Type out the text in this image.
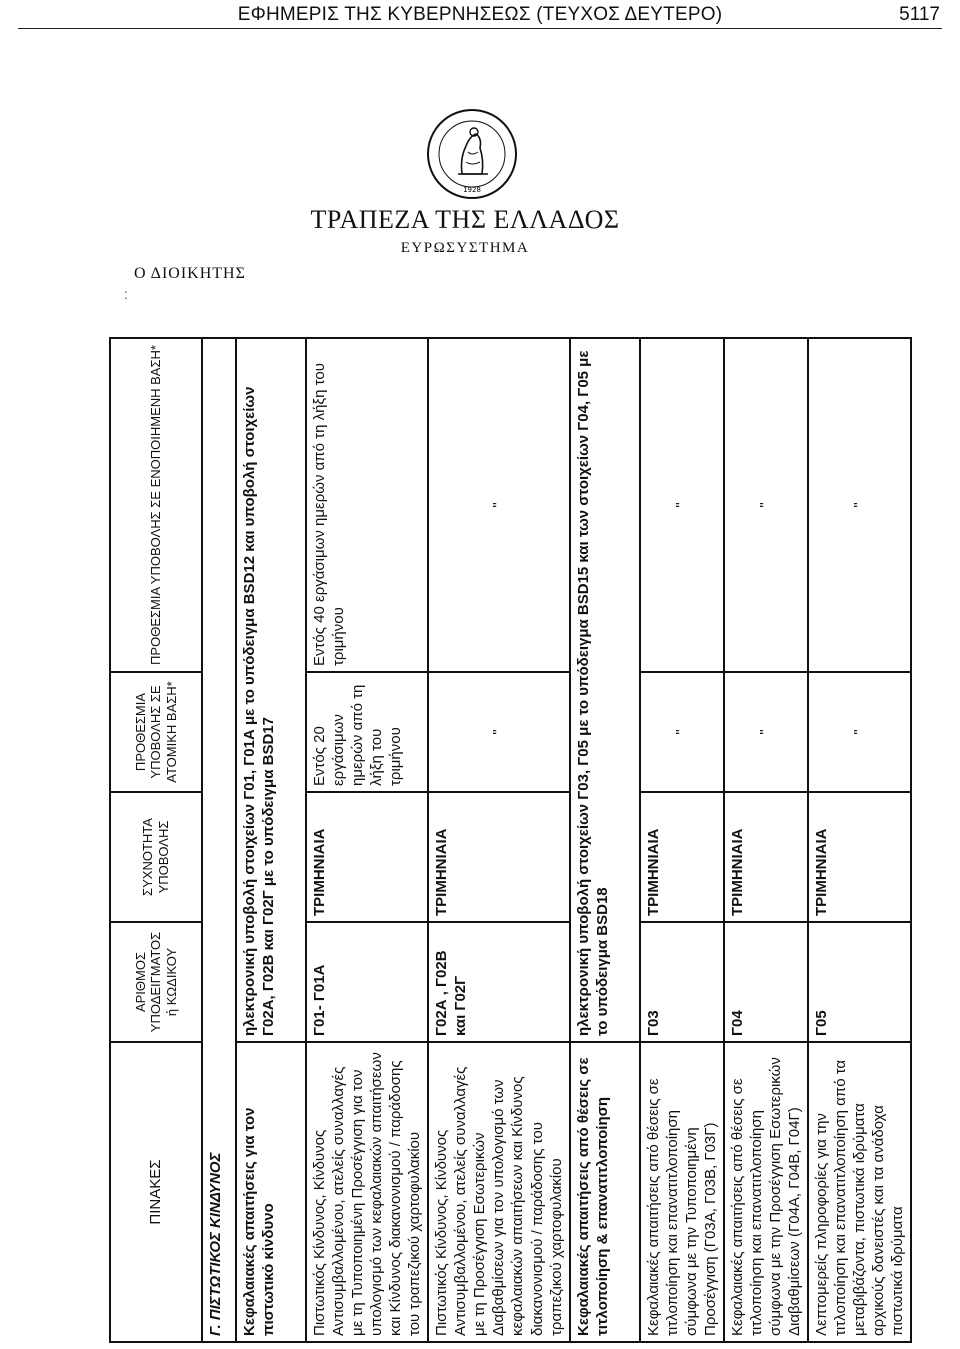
ΕΦΗΜΕΡΙΣ ΤΗΣ ΚΥΒΕΡΝΗΣΕΩΣ (ΤΕΥΧΟΣ ΔΕΥΤΕΡΟ)	5117
1928
ΤΡΑΠΕΖΑ ΤΗΣ ΕΛΛΑΔΟΣ
ΕΥΡΩΣΥΣΤΗΜΑ
Ο ΔΙΟΙΚΗΤΗΣ
:
ΠΙΝΑΚΕΣ	ΑΡΙΘΜΟΣ ΥΠΟΔΕΙΓΜΑΤΟΣ ή ΚΩΔΙΚΟΥ	ΣΥΧΝΟΤΗΤΑ ΥΠΟΒΟΛΗΣ	ΠΡΟΘΕΣΜΙΑ ΥΠΟΒΟΛΗΣ ΣΕ ΑΤΟΜΙΚΗ ΒΑΣΗ*	ΠΡΟΘΕΣΜΙΑ ΥΠΟΒΟΛΗΣ ΣΕ ΕΝΟΠΟΙΗΜΕΝΗ ΒΑΣΗ*
Γ. ΠΙΣΤΩΤΙΚΟΣ ΚΙΝΔΥΝΟΣ				
Κεφαλαιακές απαιτήσεις για τον πιστωτικό κίνδυνο	ηλεκτρονική υποβολή στοιχείων Γ01, Γ01Α με το υπόδειγμα BSD12 και υποβολή στοιχείων Γ02Α, Γ02Β και Γ02Γ με το υπόδειγμα BSD17			
Πιστωτικός Κίνδυνος, Κίνδυνος Αντισυμβαλλομένου, ατελείς συναλλαγές με τη Τυποποιημένη Προσέγγιση για τον υπολογισμό των κεφαλαιακών απαιτήσεων και Κίνδυνος διακανονισμού / παράδοσης του τραπεζικού χαρτοφυλακίου	Γ01- Γ01Α	ΤΡΙΜΗΝΙΑΙΑ	Εντός 20 εργάσιμων ημερών από τη λήξη του τριμήνου	Εντός 40 εργάσιμων ημερών από τη λήξη του τριμήνου
Πιστωτικός Κίνδυνος, Κίνδυνος Αντισυμβαλλομένου, ατελείς συναλλαγές με τη Προσέγγιση Εσωτερικών Διαβαθμίσεων για τον υπολογισμό των κεφαλαιακών απαιτήσεων και Κίνδυνος διακανονισμού / παράδοσης του τραπεζικού χαρτοφυλακίου	Γ02Α , Γ02Β και Γ02Γ	ΤΡΙΜΗΝΙΑΙΑ	"	"
Κεφαλαιακές απαιτήσεις από θέσεις σε τιτλοποίηση & επανατιτλοποίηση	ηλεκτρονική υποβολή στοιχείων Γ03, Γ05 με το υπόδειγμα BSD15 και των στοιχείων Γ04, Γ05 με το υπόδειγμα BSD18			
Κεφαλαιακές απαιτήσεις από θέσεις σε τιτλοποίηση και επανατιτλοποίηση σύμφωνα με την Τυποποιημένη Προσέγγιση (Γ03Α, Γ03Β, Γ03Γ)	Γ03	ΤΡΙΜΗΝΙΑΙΑ	"	"
Κεφαλαιακές απαιτήσεις από θέσεις σε τιτλοποίηση και επανατιτλοποίηση σύμφωνα με την Προσέγγιση Εσωτερικών Διαβαθμίσεων (Γ04Α, Γ04Β, Γ04Γ)	Γ04	ΤΡΙΜΗΝΙΑΙΑ	"	"
Λεπτομερείς πληροφορίες για την τιτλοποίηση και επανατιτλοποίηση από τα μεταβιβάζοντα, πιστωτικά ιδρύματα αρχικούς δανειστές και τα ανάδοχα πιστωτικά ιδρύματα	Γ05	ΤΡΙΜΗΝΙΑΙΑ	"	"
